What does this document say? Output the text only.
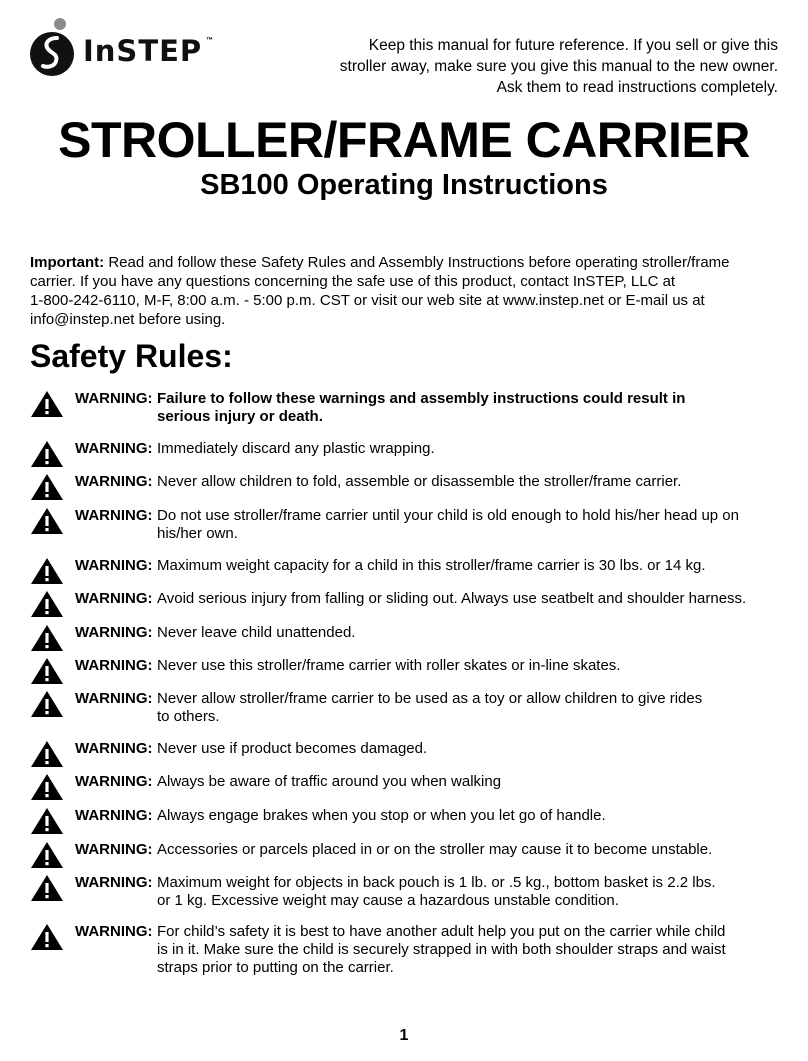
InSTEP ™	Keep this manual for future reference. If you sell or give this
stroller away, make sure you give this manual to the new owner.
Ask them to read instructions completely.
STROLLER/FRAME CARRIER
SB100 Operating Instructions
Important: Read and follow these Safety Rules and Assembly Instructions before operating stroller/frame
carrier. If you have any questions concerning the safe use of this product, contact InSTEP, LLC at
1-800-242-6110, M-F, 8:00 a.m. - 5:00 p.m. CST or visit our web site at www.instep.net or E-mail us at
info@instep.net before using.
Safety Rules:
WARNING: Failure to follow these warnings and assembly instructions could result in
serious injury or death.
WARNING: Immediately discard any plastic wrapping.
WARNING: Never allow children to fold, assemble or disassemble the stroller/frame carrier.
WARNING: Do not use stroller/frame carrier until your child is old enough to hold his/her head up on
his/her own.
WARNING: Maximum weight capacity for a child in this stroller/frame carrier is 30 lbs. or 14 kg.
WARNING: Avoid serious injury from falling or sliding out. Always use seatbelt and shoulder harness.
WARNING: Never leave child unattended.
WARNING: Never use this stroller/frame carrier with roller skates or in-line skates.
WARNING: Never allow stroller/frame carrier to be used as a toy or allow children to give rides
to others.
WARNING: Never use if product becomes damaged.
WARNING: Always be aware of traffic around you when walking
WARNING: Always engage brakes when you stop or when you let go of handle.
WARNING: Accessories or parcels placed in or on the stroller may cause it to become unstable.
WARNING: Maximum weight for objects in back pouch is 1 lb. or .5 kg., bottom basket is 2.2 lbs.
or 1 kg. Excessive weight may cause a hazardous unstable condition.
WARNING: For child’s safety it is best to have another adult help you put on the carrier while child
is in it. Make sure the child is securely strapped in with both shoulder straps and waist
straps prior to putting on the carrier.
1
